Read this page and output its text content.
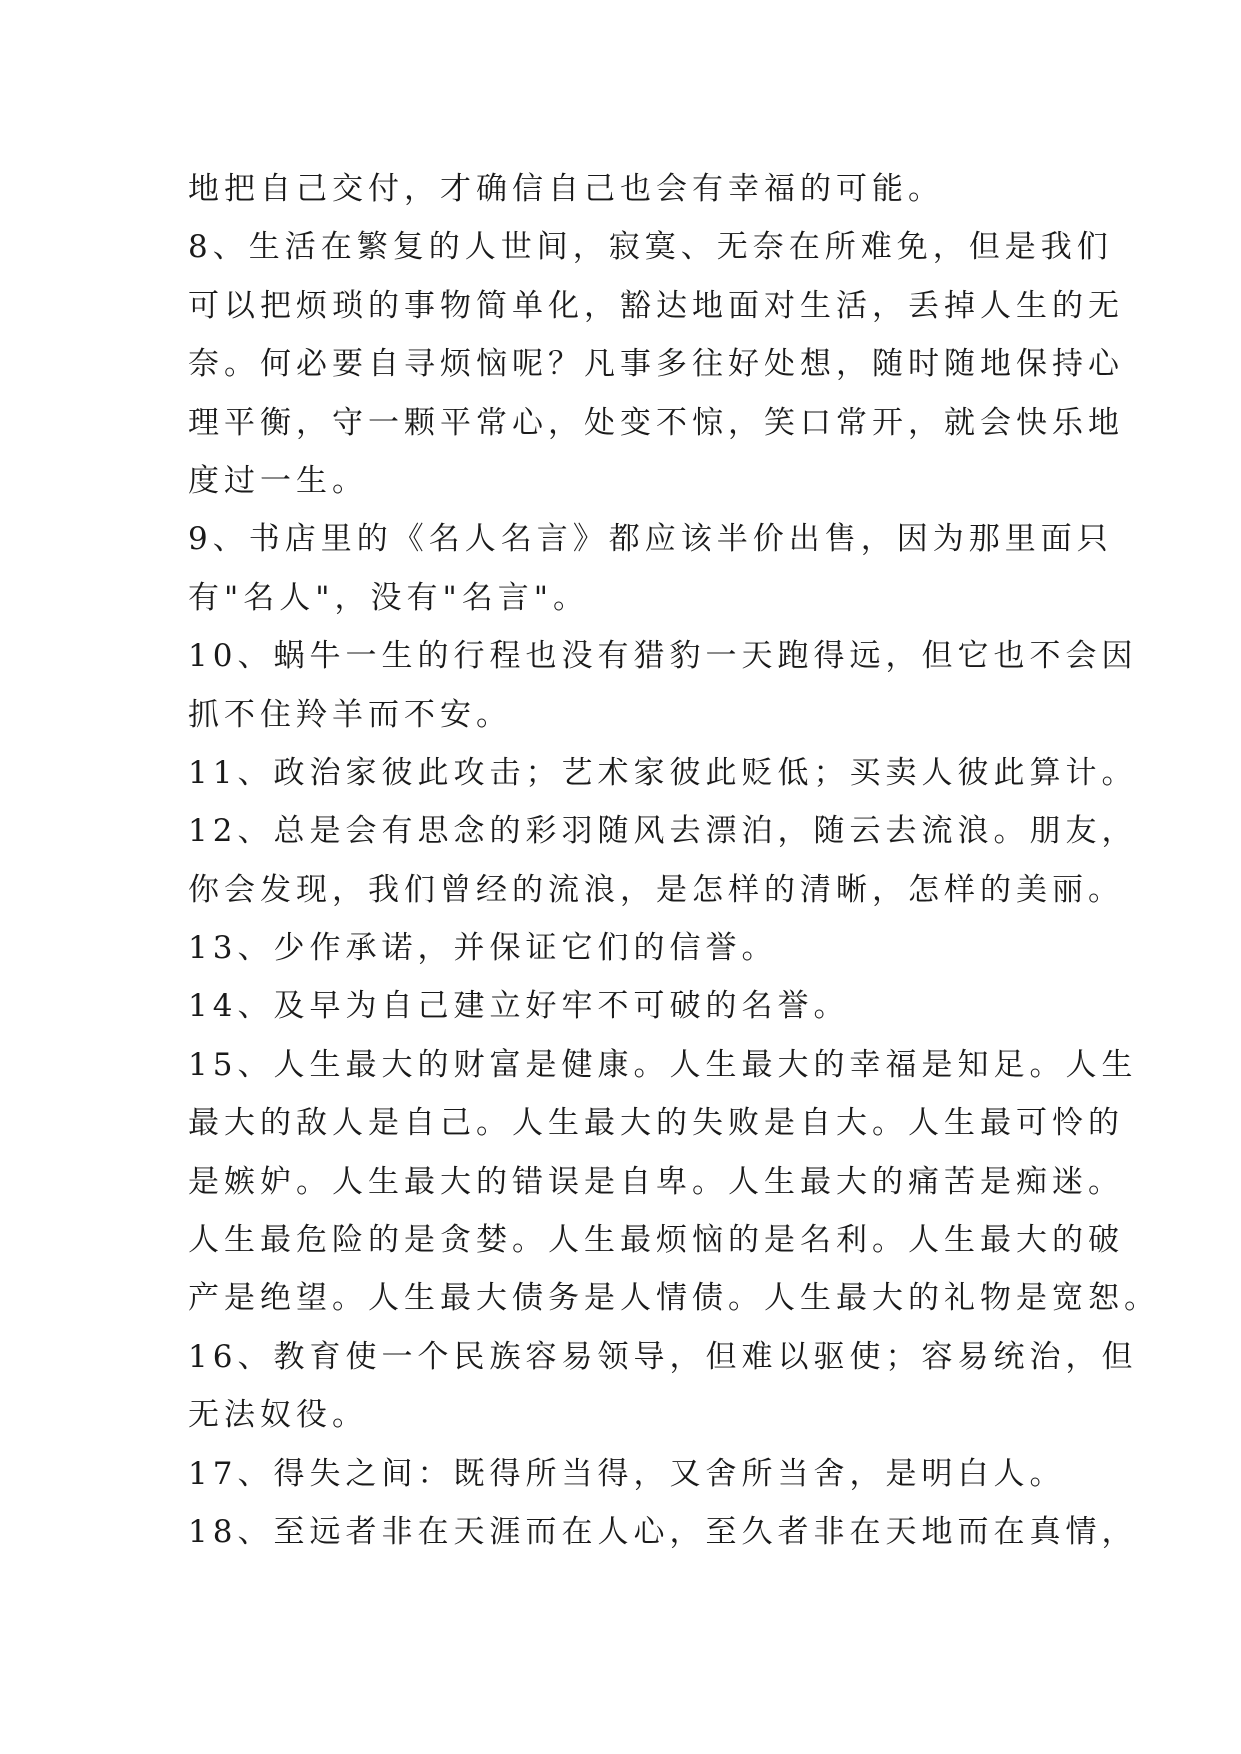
地把自己交付，才确信自己也会有幸福的可能。
8、生活在繁复的人世间，寂寞、无奈在所难免，但是我们
可以把烦琐的事物简单化，豁达地面对生活，丢掉人生的无
奈。何必要自寻烦恼呢？凡事多往好处想，随时随地保持心
理平衡，守一颗平常心，处变不惊，笑口常开，就会快乐地
度过一生。
9、书店里的《名人名言》都应该半价出售，因为那里面只
有"名人"，没有"名言"。
10、蜗牛一生的行程也没有猎豹一天跑得远，但它也不会因
抓不住羚羊而不安。
11、政治家彼此攻击；艺术家彼此贬低；买卖人彼此算计。
12、总是会有思念的彩羽随风去漂泊，随云去流浪。朋友，
你会发现，我们曾经的流浪，是怎样的清晰，怎样的美丽。
13、少作承诺，并保证它们的信誉。
14、及早为自己建立好牢不可破的名誉。
15、人生最大的财富是健康。人生最大的幸福是知足。人生
最大的敌人是自己。人生最大的失败是自大。人生最可怜的
是嫉妒。人生最大的错误是自卑。人生最大的痛苦是痴迷。
人生最危险的是贪婪。人生最烦恼的是名利。人生最大的破
产是绝望。人生最大债务是人情债。人生最大的礼物是宽恕。
16、教育使一个民族容易领导，但难以驱使；容易统治，但
无法奴役。
17、得失之间：既得所当得，又舍所当舍，是明白人。
18、至远者非在天涯而在人心，至久者非在天地而在真情，
